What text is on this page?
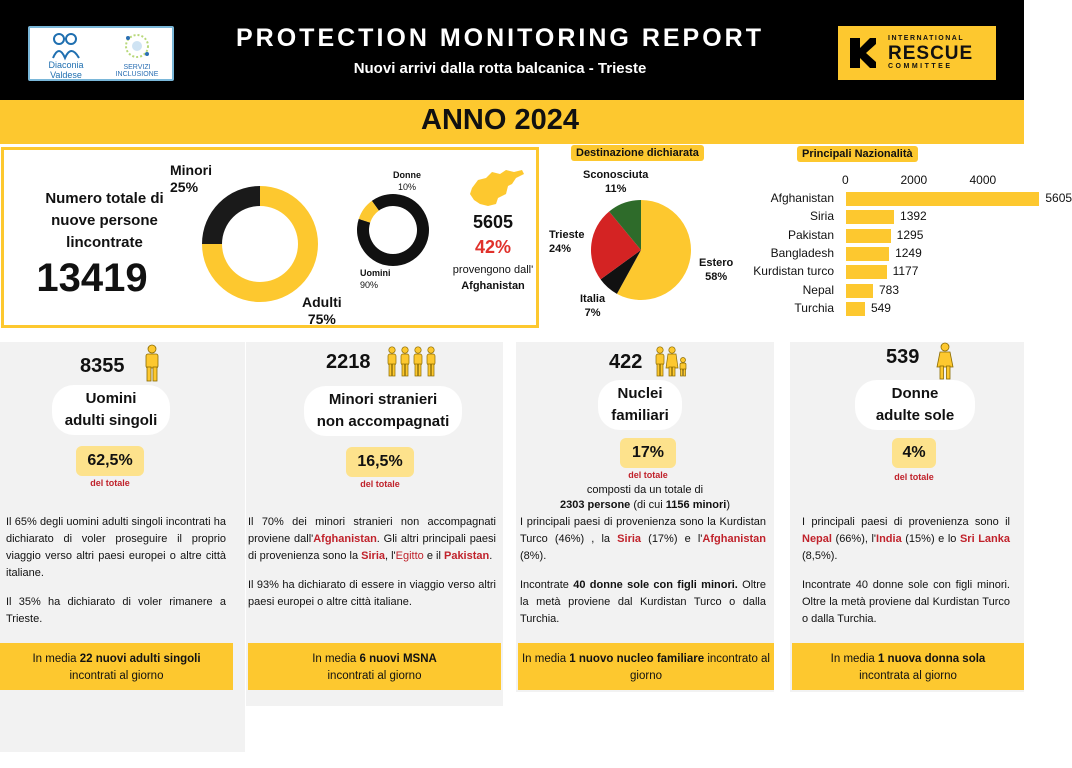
Diaconia Valdese
SERVIZI INCLUSIONE
PROTECTION MONITORING REPORT
Nuovi arrivi dalla rotta balcanica - Trieste
INTERNATIONAL
RESCUE
COMMITTEE
ANNO 2024
Numero totale di nuove persone lincontrate
13419
Minori
25%
Adulti
75%
Donne
10%
Uomini
90%
5605
42%
provengono dall'
Afghanistan
Destinazione dichiarata
Sconosciuta
11%
Trieste
24%
Estero
58%
Italia
7%
Principali Nazionalità
0	2000	4000
Afghanistan	5605
Siria	1392
Pakistan	1295
Bangladesh	1249
Kurdistan turco	1177
Nepal	783
Turchia	549
8355
Uomini
adulti singoli
62,5%
del totale

Il 65% degli uomini adulti singoli incontrati ha dichiarato di voler proseguire il proprio viaggio verso altri paesi europei o altre città italiane.

Il 35% ha dichiarato di voler rimanere a Trieste.

In media 22 nuovi adulti singoli
incontrati al giorno
2218
Minori stranieri
non accompagnati
16,5%
del totale

Il 70% dei minori stranieri non accompagnati proviene dall'Afghanistan. Gli altri principali paesi di provenienza sono la Siria, l'Egitto e il Pakistan.

Il 93% ha dichiarato di essere in viaggio verso altri paesi europei o altre città italiane.

In media 6 nuovi MSNA
incontrati al giorno
422
Nuclei
familiari
17%
del totale
composti da un totale di
2303 persone (di cui 1156 minori)

I principali paesi di provenienza sono la Kurdistan Turco (46%) , la Siria (17%) e l'Afghanistan (8%).

Incontrate 40 donne sole con figli minori. Oltre la metà proviene dal Kurdistan Turco o dalla Turchia.

In media 1 nuovo nucleo familiare incontrato al giorno
539
Donne
adulte sole
4%
del totale

I principali paesi di provenienza sono il Nepal (66%), l'India (15%) e lo Sri Lanka (8,5%).

Incontrate 40 donne sole con figli minori. Oltre la metà proviene dal Kurdistan Turco o dalla Turchia.

In media 1 nuova donna sola
incontrata al giorno
